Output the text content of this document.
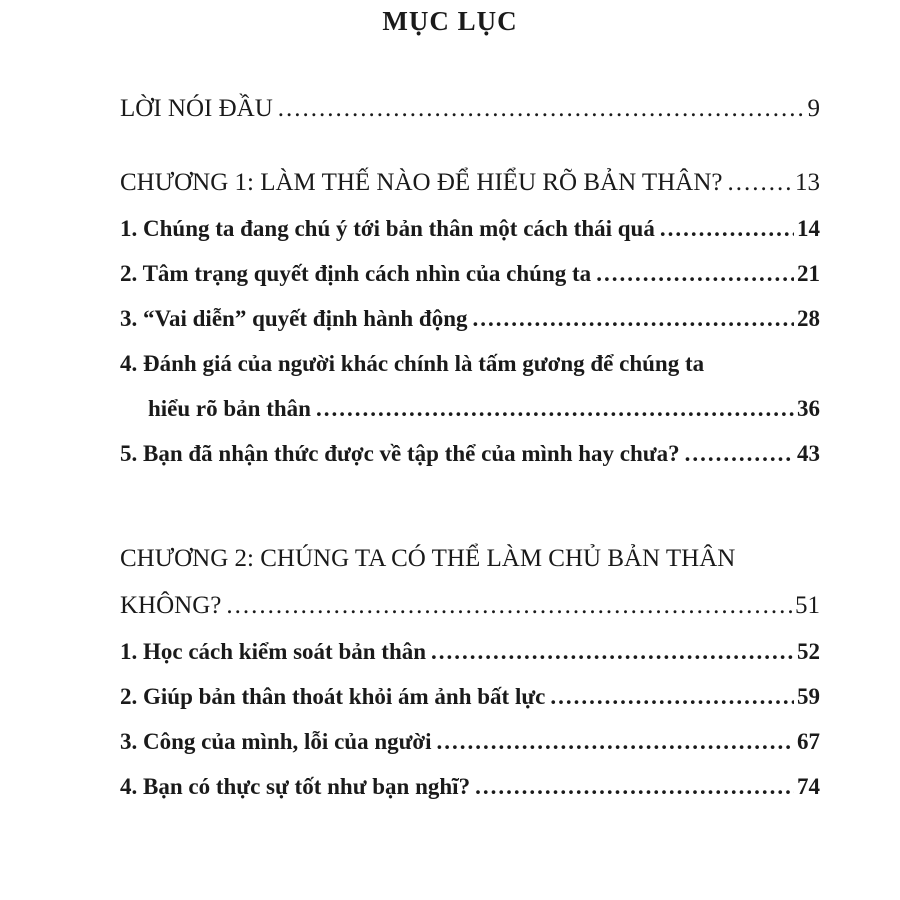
MỤC LỤC
LỜI NÓI ĐẦU .....	9
CHƯƠNG 1: LÀM THẾ NÀO ĐỂ HIỂU RÕ BẢN THÂN? .....	13
1. Chúng ta đang chú ý tới bản thân một cách thái quá .....	14
2. Tâm trạng quyết định cách nhìn của chúng ta .....	21
3. “Vai diễn” quyết định hành động .....	28
4. Đánh giá của người khác chính là tấm gương để chúng ta
hiểu rõ bản thân .....	36
5. Bạn đã nhận thức được về tập thể của mình hay chưa? .....	43
CHƯƠNG 2: CHÚNG TA CÓ THỂ LÀM CHỦ BẢN THÂN
KHÔNG? .....	51
1. Học cách kiểm soát bản thân .....	52
2. Giúp bản thân thoát khỏi ám ảnh bất lực .....	59
3. Công của mình, lỗi của người .....	67
4. Bạn có thực sự tốt như bạn nghĩ? .....	74
